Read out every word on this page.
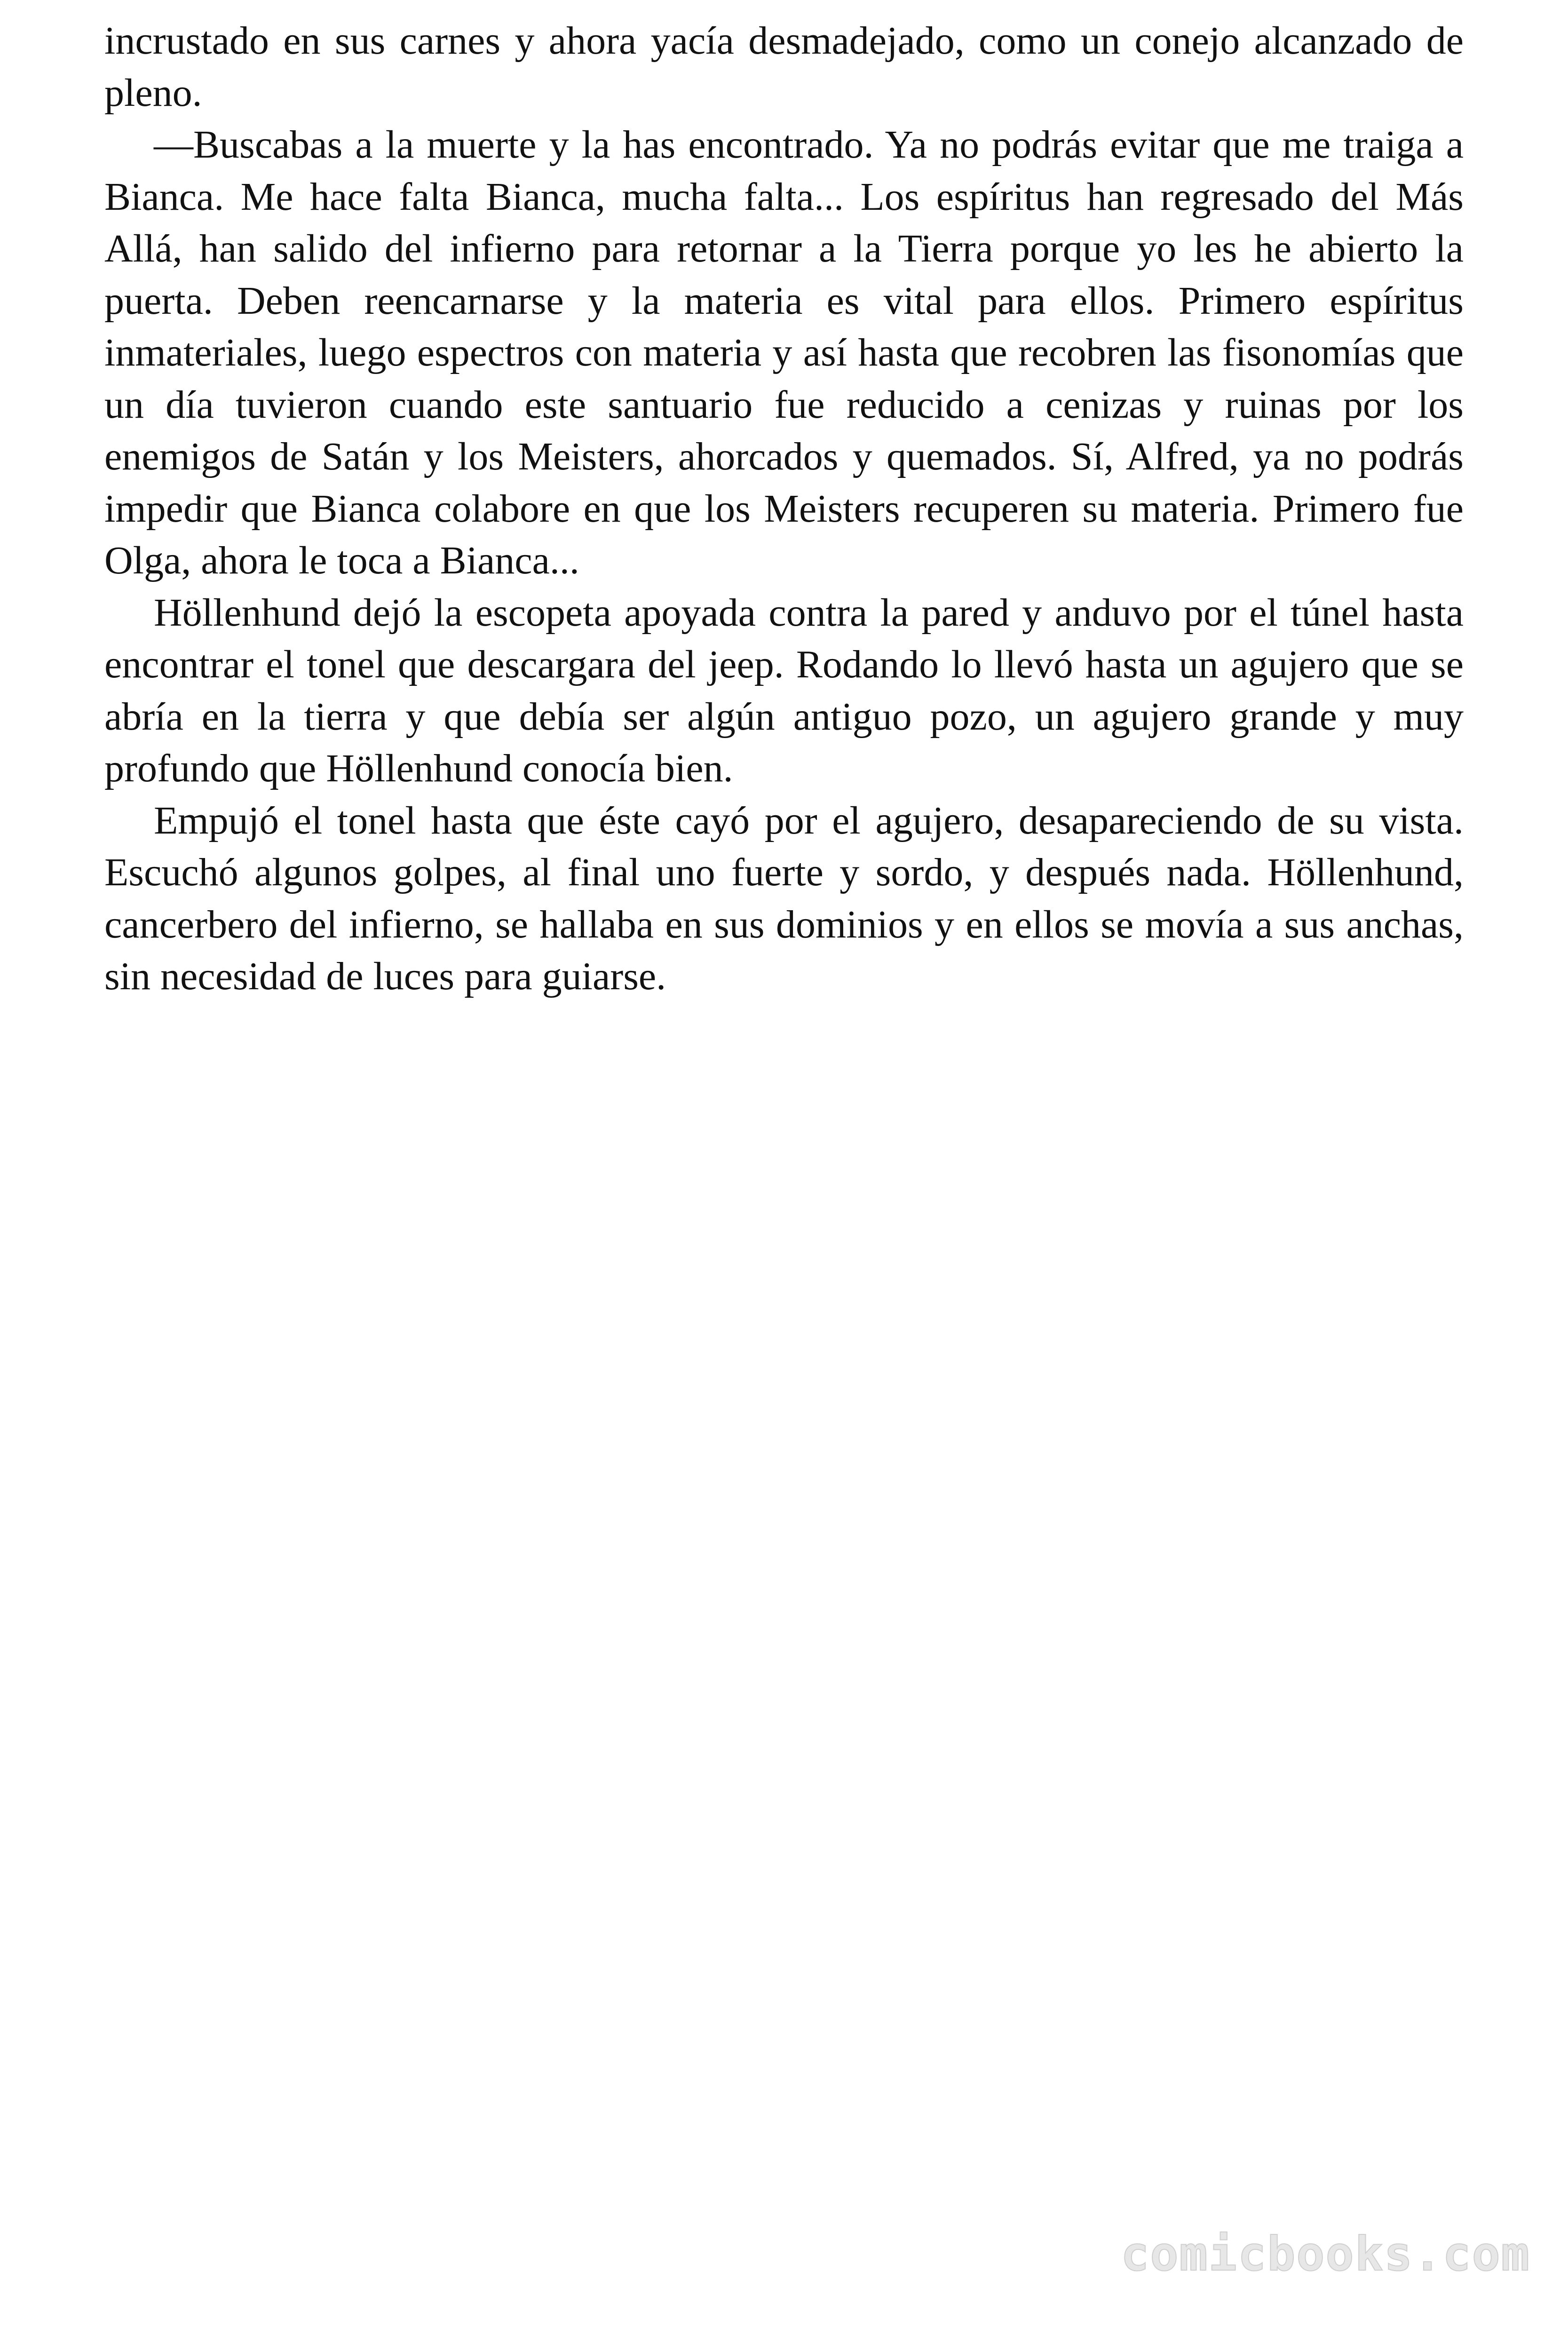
incrustado en sus carnes y ahora yacía desmadejado, como un conejo alcanzado de pleno.

—Buscabas a la muerte y la has encontrado. Ya no podrás evitar que me traiga a Bianca. Me hace falta Bianca, mucha falta... Los espíritus han regresado del Más Allá, han salido del infierno para retornar a la Tierra porque yo les he abierto la puerta. Deben reencarnarse y la materia es vital para ellos. Primero espíritus inmateriales, luego espectros con materia y así hasta que recobren las fisonomías que un día tuvieron cuando este santuario fue reducido a cenizas y ruinas por los enemigos de Satán y los Meisters, ahorcados y quemados. Sí, Alfred, ya no podrás impedir que Bianca colabore en que los Meisters recuperen su materia. Primero fue Olga, ahora le toca a Bianca...

Höllenhund dejó la escopeta apoyada contra la pared y anduvo por el túnel hasta encontrar el tonel que descargara del jeep. Rodando lo llevó hasta un agujero que se abría en la tierra y que debía ser algún antiguo pozo, un agujero grande y muy profundo que Höllenhund conocía bien.

Empujó el tonel hasta que éste cayó por el agujero, desapareciendo de su vista. Escuchó algunos golpes, al final uno fuerte y sordo, y después nada. Höllenhund, cancerbero del infierno, se hallaba en sus dominios y en ellos se movía a sus anchas, sin necesidad de luces para guiarse.

comicbooks.com
